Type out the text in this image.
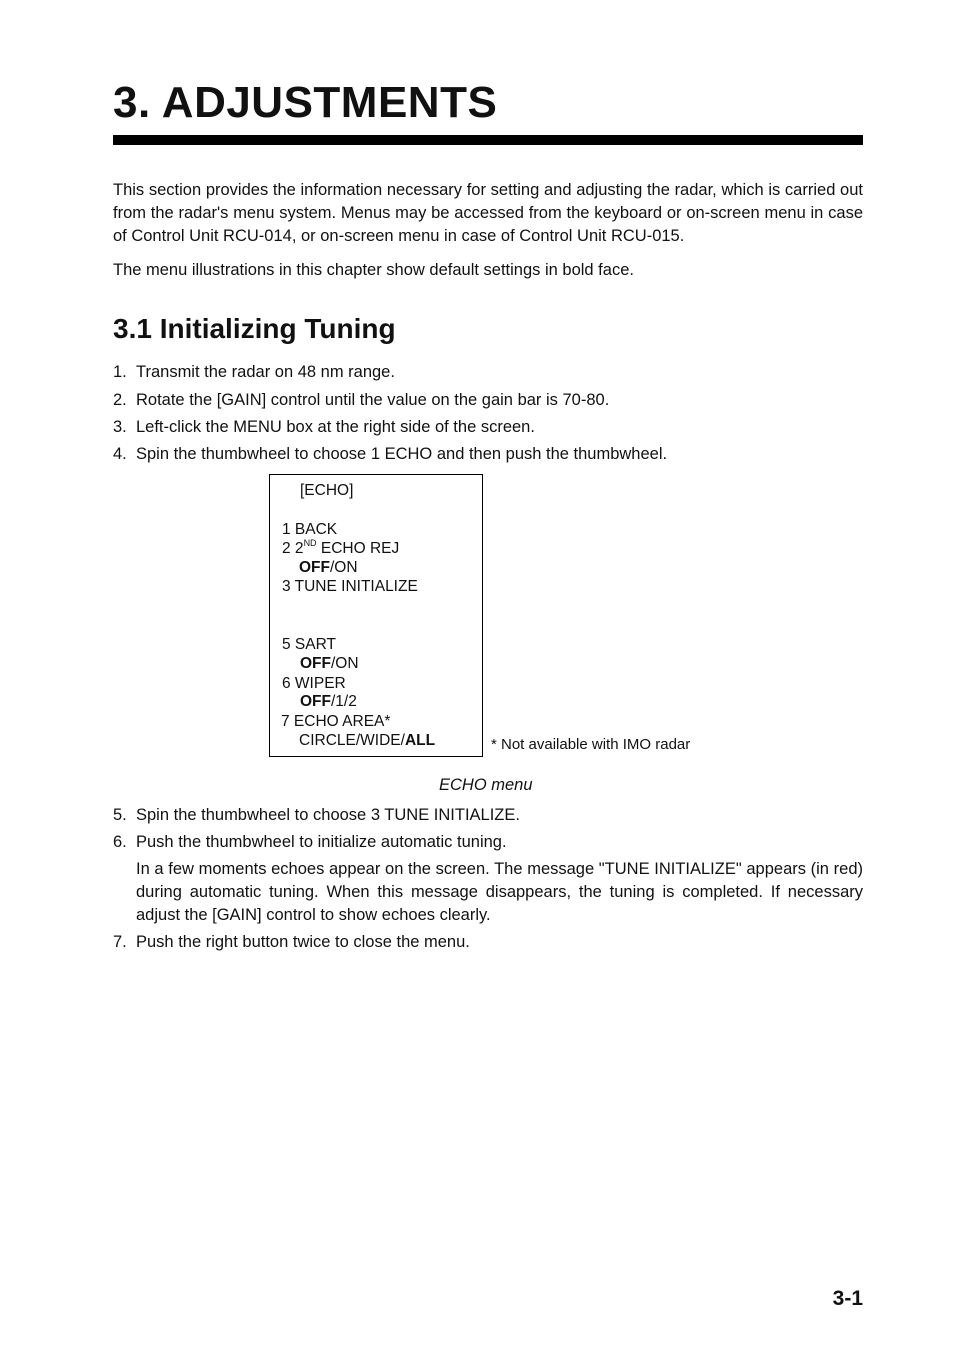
3. ADJUSTMENTS

This section provides the information necessary for setting and adjusting the radar, which is carried out from the radar's menu system. Menus may be accessed from the keyboard or on-screen menu in case of Control Unit RCU-014, or on-screen menu in case of Control Unit RCU-015.

The menu illustrations in this chapter show default settings in bold face.

3.1 Initializing Tuning
1. Transmit the radar on 48 nm range.
2. Rotate the [GAIN] control until the value on the gain bar is 70-80.
3. Left-click the MENU box at the right side of the screen.
4. Spin the thumbwheel to choose 1 ECHO and then push the thumbwheel.
[ECHO]
1 BACK
2 2ND ECHO REJ
OFF/ON
3 TUNE INITIALIZE
5 SART
OFF/ON
6 WIPER
OFF/1/2
7 ECHO AREA*
CIRCLE/WIDE/ALL	* Not available with IMO radar
ECHO menu
5. Spin the thumbwheel to choose 3 TUNE INITIALIZE.
6. Push the thumbwheel to initialize automatic tuning.

In a few moments echoes appear on the screen. The message "TUNE INITIALIZE" appears (in red) during automatic tuning. When this message disappears, the tuning is completed. If necessary adjust the [GAIN] control to show echoes clearly.

7. Push the right button twice to close the menu.
3-1
